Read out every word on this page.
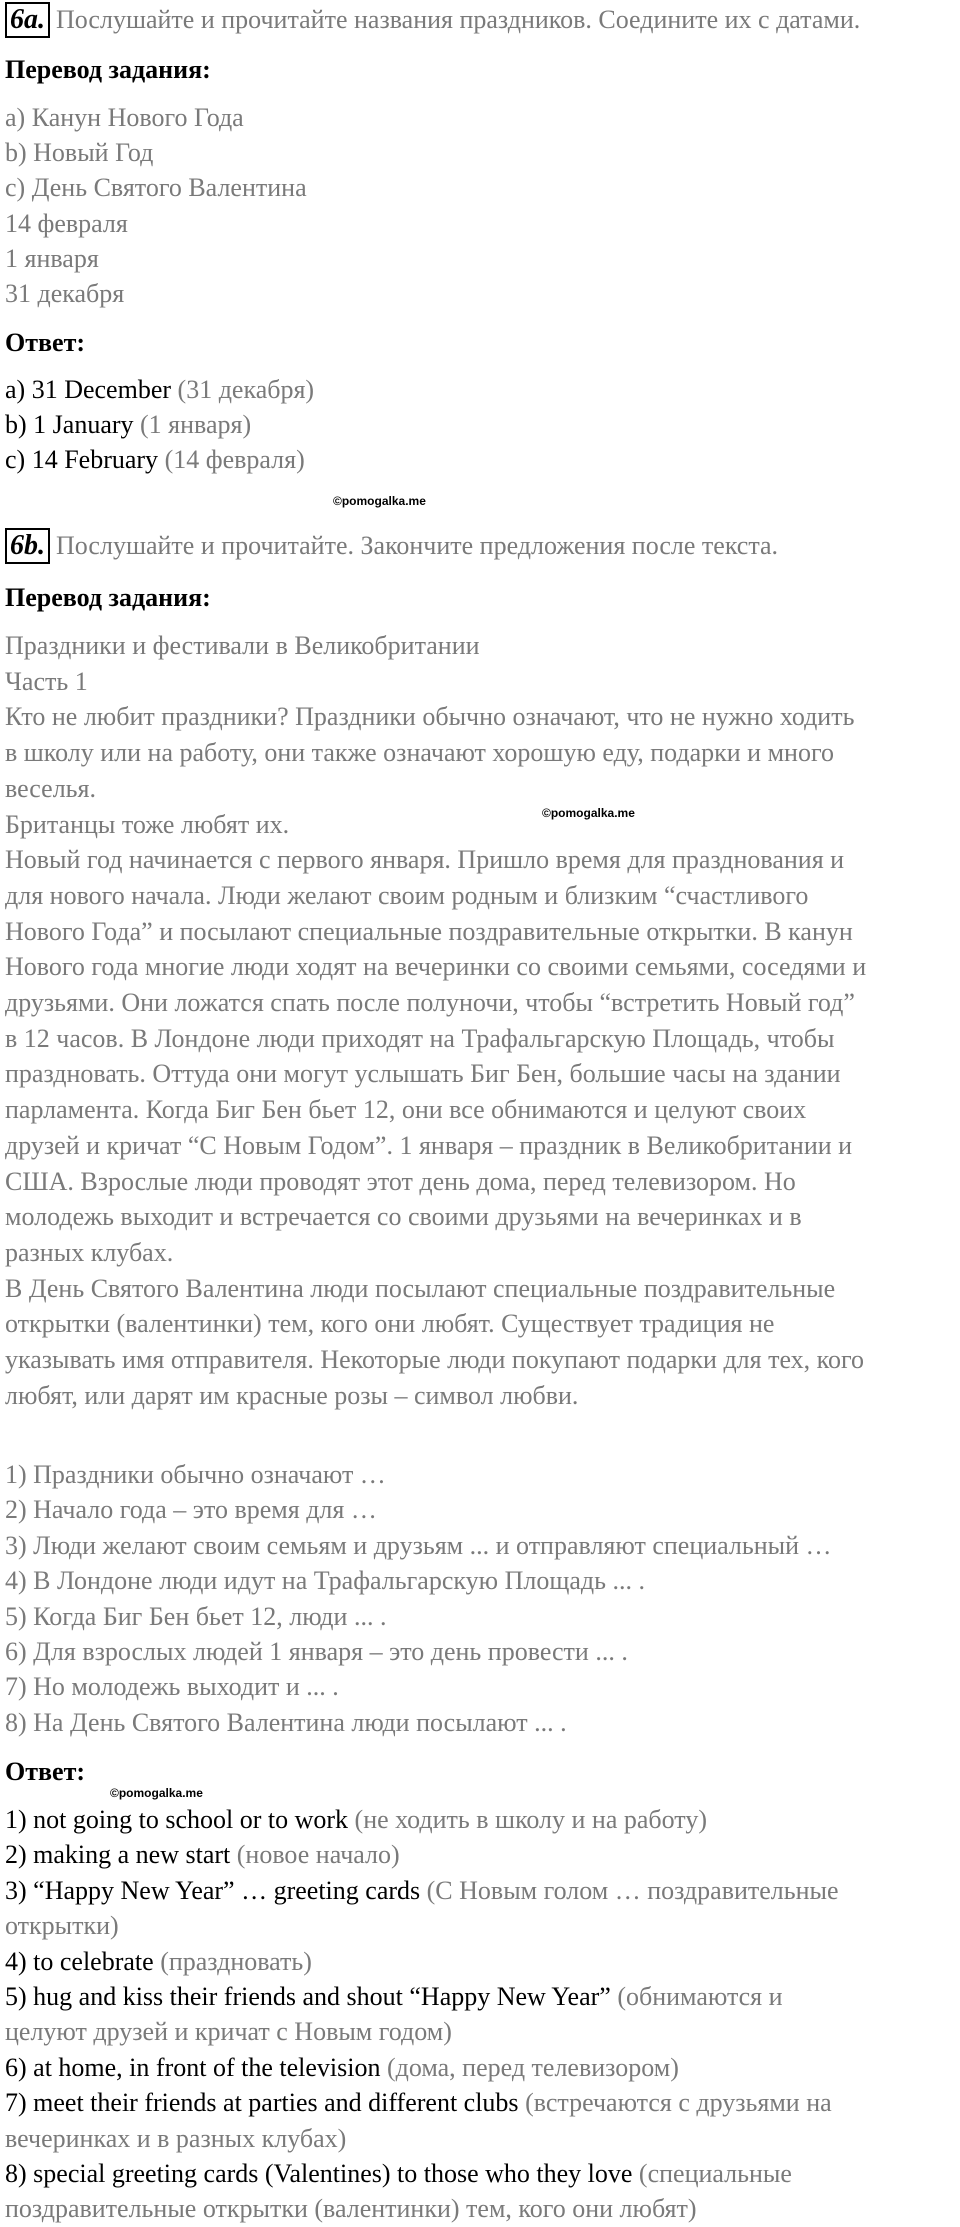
6a. Послушайте и прочитайте названия праздников. Соедините их с датами.
Перевод задания:
a) Канун Нового Года
b) Новый Год
c) День Святого Валентина
14 февраля
1 января
31 декабря
Ответ:
a) 31 December (31 декабря)
b) 1 January (1 января)
c) 14 February (14 февраля)
©pomogalka.me
6b. Послушайте и прочитайте. Закончите предложения после текста.
Перевод задания:
Праздники и фестивали в Великобритании
Часть 1
Кто не любит праздники? Праздники обычно означают, что не нужно ходить
в школу или на работу, они также означают хорошую еду, подарки и много
веселья.
Британцы тоже любят их.
Новый год начинается с первого января. Пришло время для празднования и
для нового начала. Люди желают своим родным и близким “счастливого
Нового Года” и посылают специальные поздравительные открытки. В канун
Нового года многие люди ходят на вечеринки со своими семьями, соседями и
друзьями. Они ложатся спать после полуночи, чтобы “встретить Новый год”
в 12 часов. В Лондоне люди приходят на Трафальгарскую Площадь, чтобы
праздновать. Оттуда они могут услышать Биг Бен, большие часы на здании
парламента. Когда Биг Бен бьет 12, они все обнимаются и целуют своих
друзей и кричат “С Новым Годом”. 1 января – праздник в Великобритании и
США. Взрослые люди проводят этот день дома, перед телевизором. Но
молодежь выходит и встречается со своими друзьями на вечеринках и в
разных клубах.
В День Святого Валентина люди посылают специальные поздравительные
открытки (валентинки) тем, кого они любят. Существует традиция не
указывать имя отправителя. Некоторые люди покупают подарки для тех, кого
любят, или дарят им красные розы – символ любви.
©pomogalka.me
1) Праздники обычно означают …
2) Начало года – это время для …
3) Люди желают своим семьям и друзьям ... и отправляют специальный …
4) В Лондоне люди идут на Трафальгарскую Площадь ... .
5) Когда Биг Бен бьет 12, люди ... .
6) Для взрослых людей 1 января – это день провести ... .
7) Но молодежь выходит и ... .
8) На День Святого Валентина люди посылают ... .
Ответ:
©pomogalka.me
1) not going to school or to work (не ходить в школу и на работу)
2) making a new start (новое начало)
3) “Happy New Year” … greeting cards (С Новым голом … поздравительные
открытки)
4) to celebrate (праздновать)
5) hug and kiss their friends and shout “Happy New Year” (обнимаются и
целуют друзей и кричат с Новым годом)
6) at home, in front of the television (дома, перед телевизором)
7) meet their friends at parties and different clubs (встречаются с друзьями на
вечеринках и в разных клубах)
8) special greeting cards (Valentines) to those who they love (специальные
поздравительные открытки (валентинки) тем, кого они любят)
